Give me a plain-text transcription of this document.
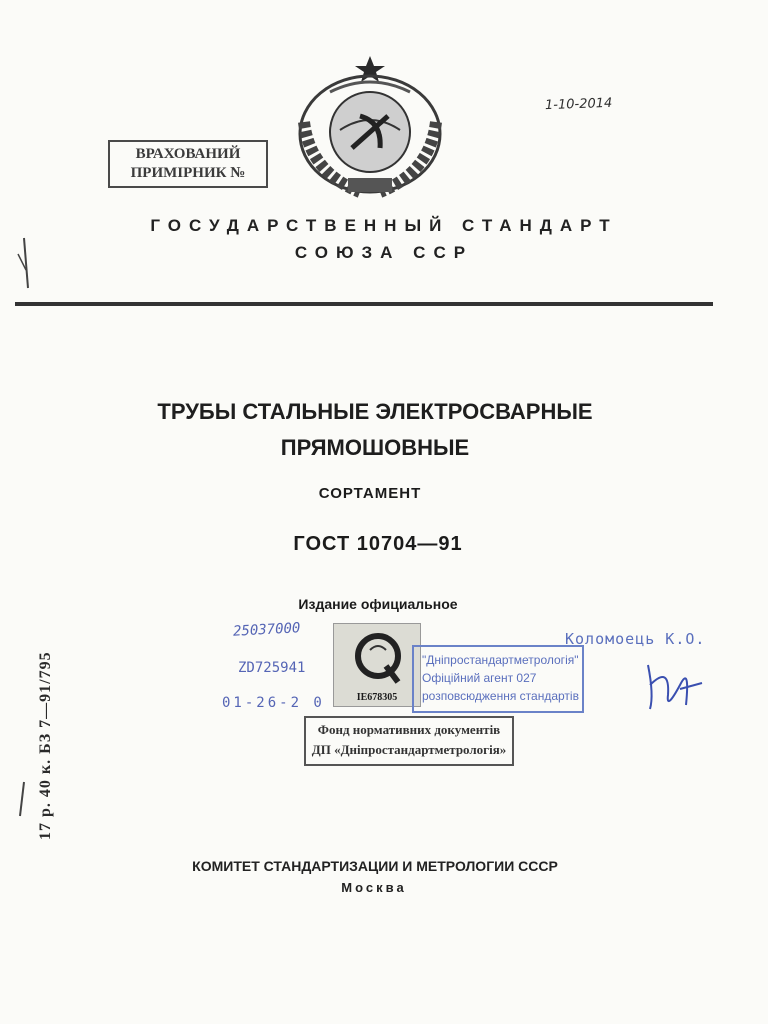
ВРАХОВАНИЙ
ПРИМІРНИК №
1-10-2014
ГОСУДАРСТВЕННЫЙ СТАНДАРТ
СОЮЗА ССР
ТРУБЫ СТАЛЬНЫЕ ЭЛЕКТРОСВАРНЫЕ
ПРЯМОШОВНЫЕ
СОРТАМЕНТ
ГОСТ 10704—91
Издание официальное
25037000
ZD725941
01-26-2 0	IE678305
"Дніпростандартметрологія"
Офіційний агент 027
розповсюдження стандартів
Коломоець К.О.
Фонд нормативних документів
ДП «Дніпростандартметрологія»
17 р. 40 к. БЗ 7—91/795
КОМИТЕТ СТАНДАРТИЗАЦИИ И МЕТРОЛОГИИ СССР
Москва
